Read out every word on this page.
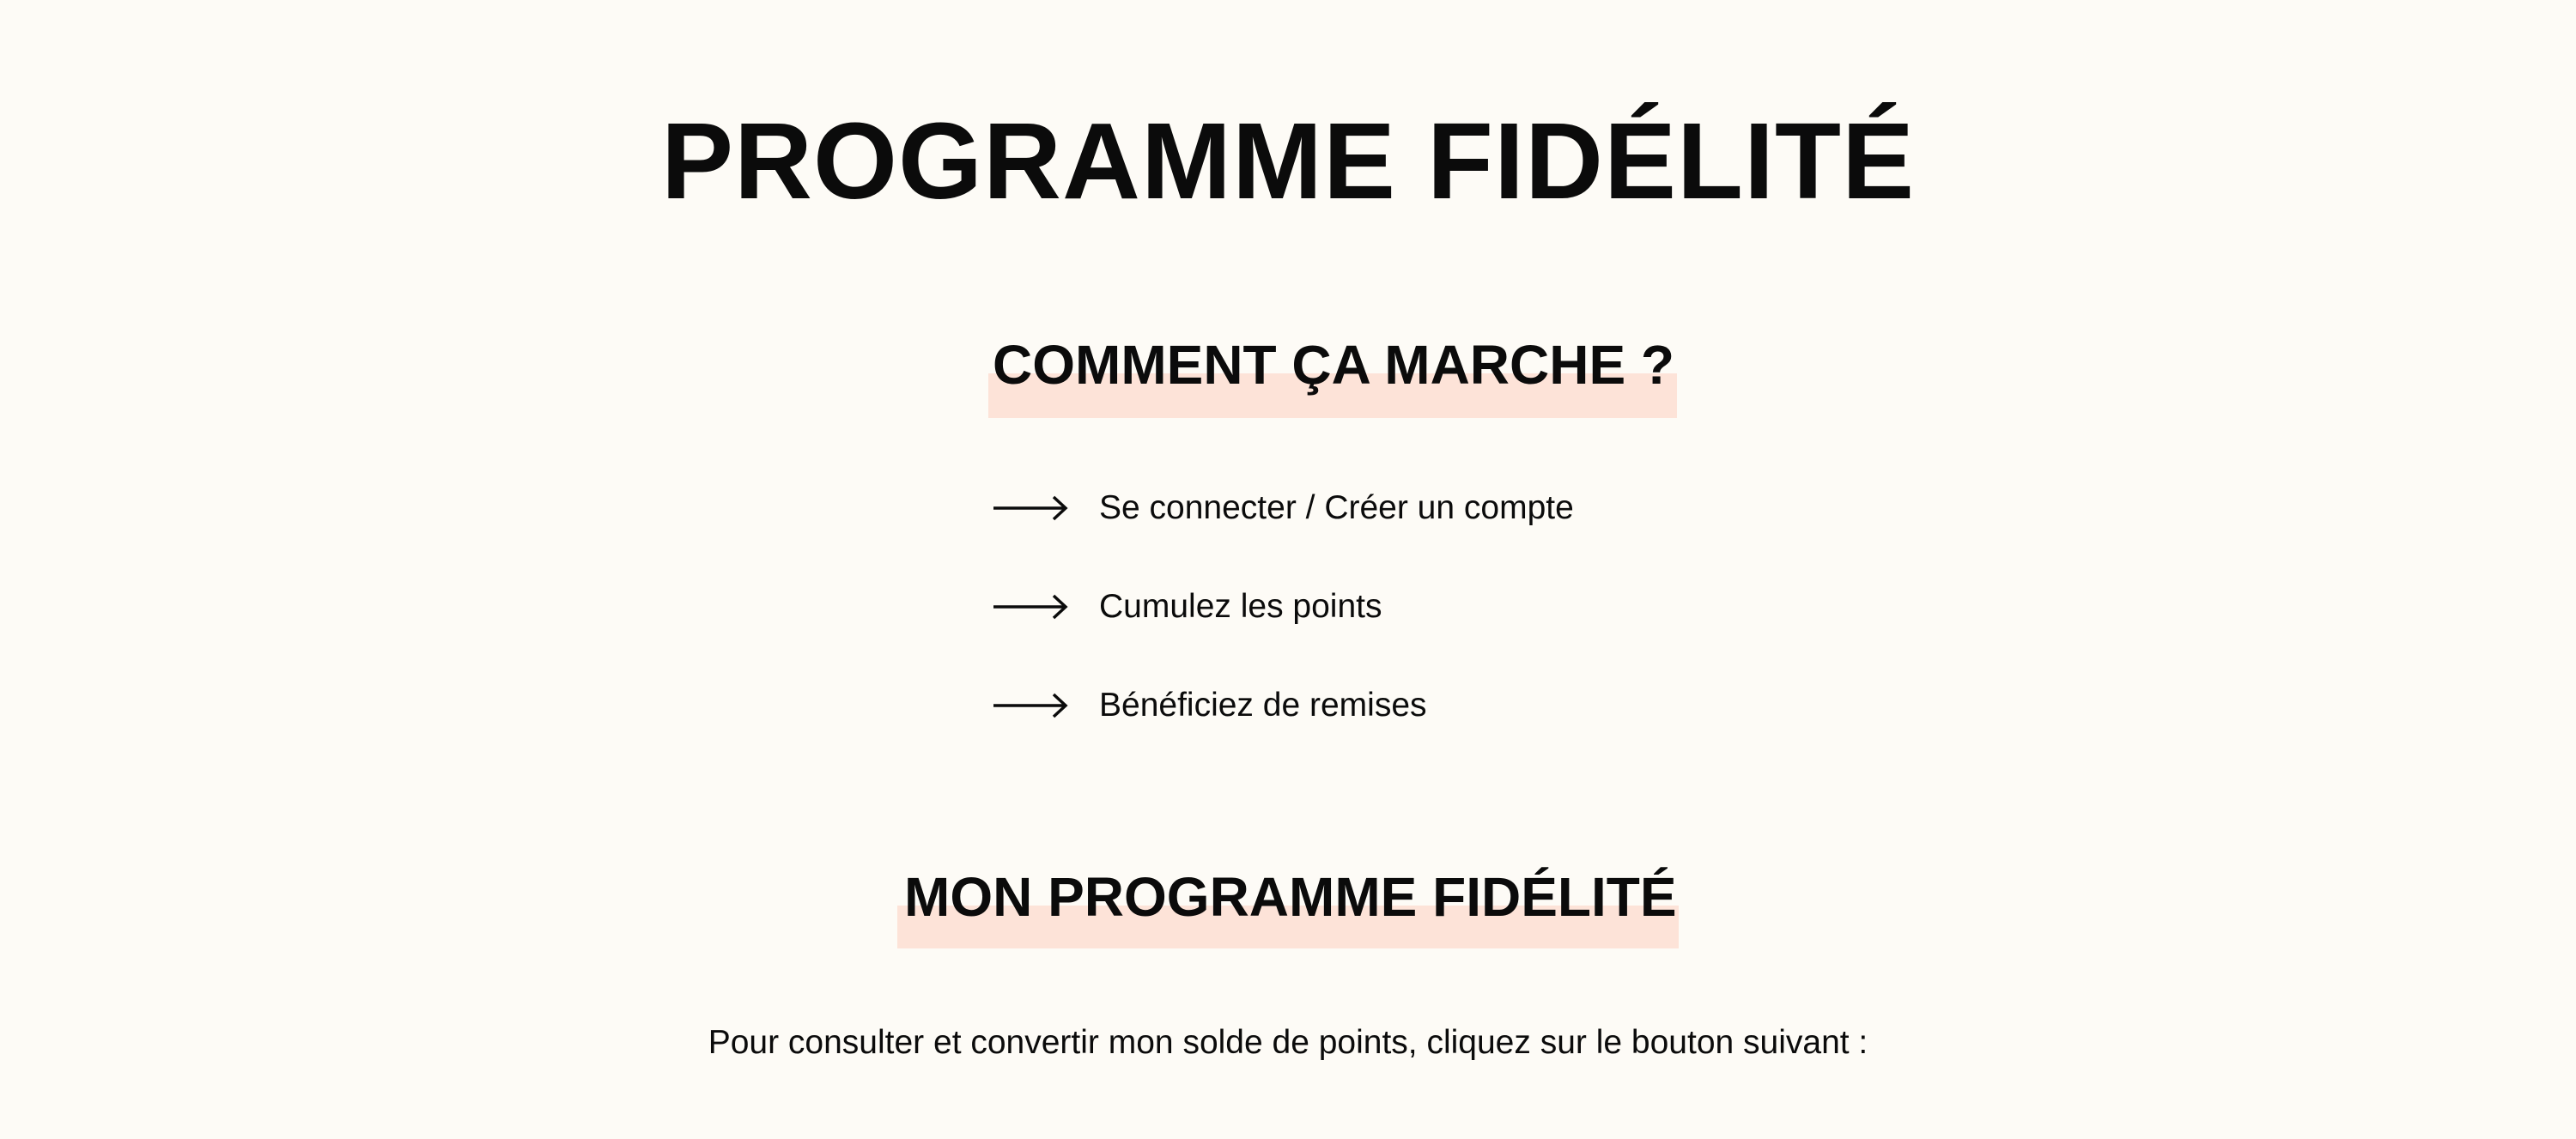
PROGRAMME FIDÉLITÉ
COMMENT ÇA MARCHE ?
Se connecter / Créer un compte
Cumulez les points
Bénéficiez de remises
MON PROGRAMME FIDÉLITÉ

Pour consulter et convertir mon solde de points, cliquez sur le bouton suivant :
